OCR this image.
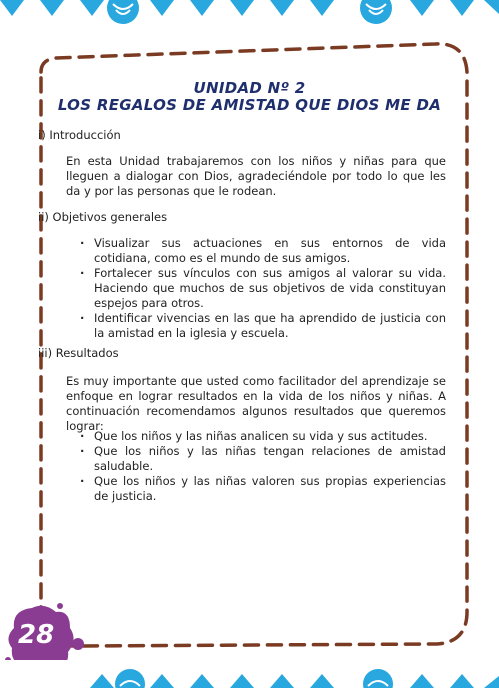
UNIDAD Nº 2
LOS REGALOS DE AMISTAD QUE DIOS ME DA
i) Introducción

En esta Unidad trabajaremos con los niños y niñas para que lleguen a dialogar con Dios, agradeciéndole por todo lo que les da y por las personas que le rodean.

ii) Objetivos generales
· Visualizar sus actuaciones en sus entornos de vida cotidiana, como es el mundo de sus amigos.
· Fortalecer sus vínculos con sus amigos al valorar su vida. Haciendo que muchos de sus objetivos de vida constituyan espejos para otros.
· Identificar vivencias en las que ha aprendido de justicia con la amistad en la iglesia y escuela.
iii) Resultados

Es muy importante que usted como facilitador del aprendizaje se enfoque en lograr resultados en la vida de los niños y niñas. A continuación recomendamos algunos resultados que queremos lograr:

· Que los niños y las niñas analicen su vida y sus actitudes.
· Que los niños y las niñas tengan relaciones de amistad saludable.
· Que los niños y las niñas valoren sus propias experiencias de justicia.
28
